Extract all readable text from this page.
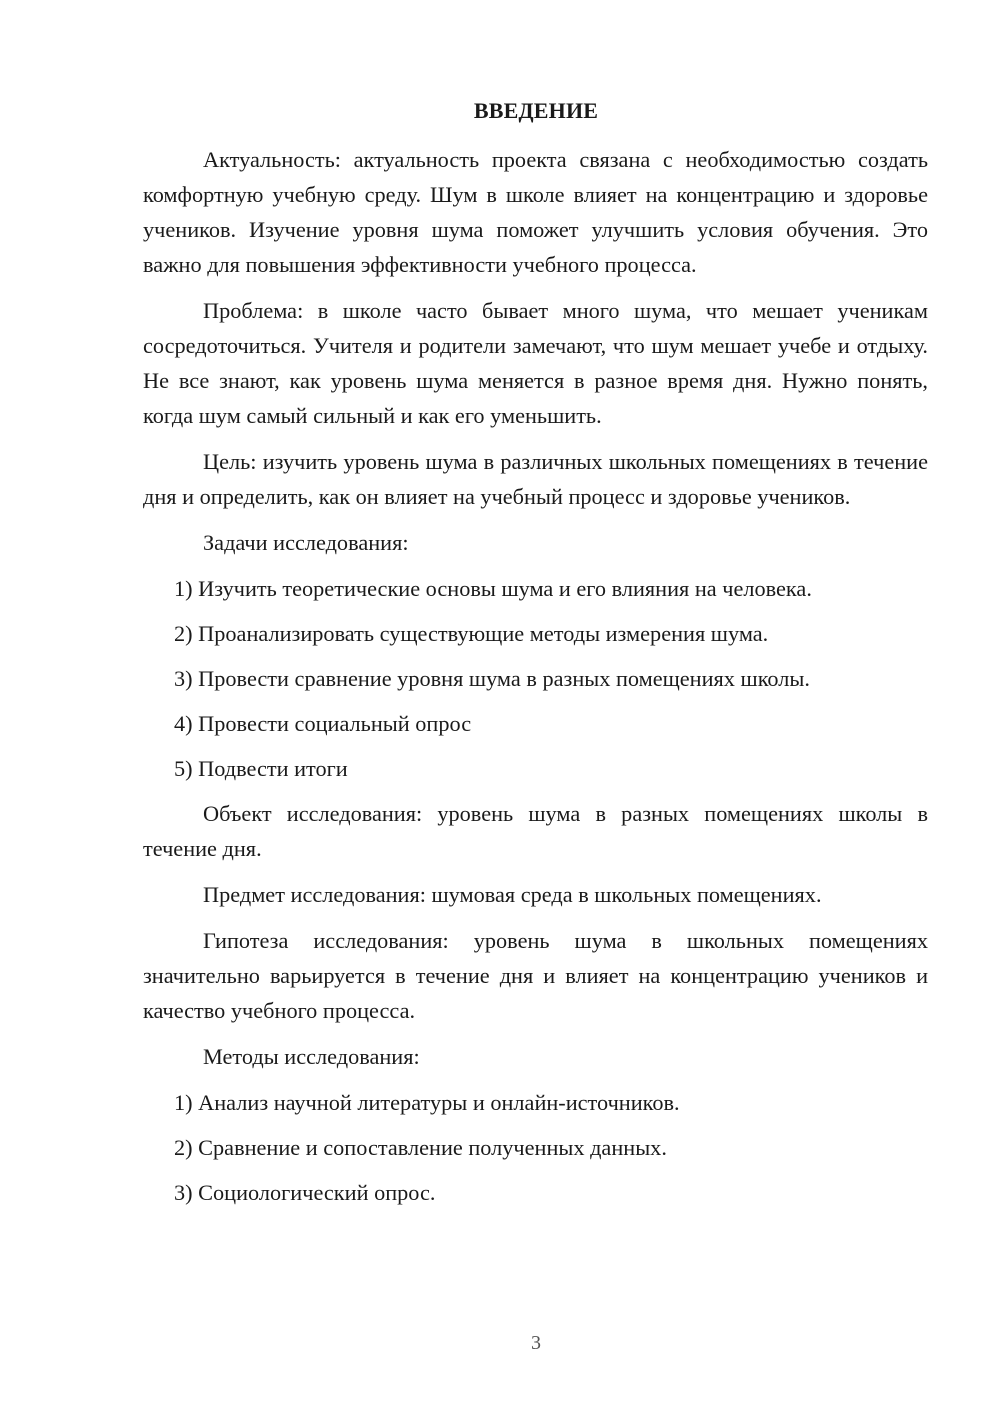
ВВЕДЕНИЕ

Актуальность: актуальность проекта связана с необходимостью создать комфортную учебную среду. Шум в школе влияет на концентрацию и здоровье учеников. Изучение уровня шума поможет улучшить условия обучения. Это важно для повышения эффективности учебного процесса.

Проблема: в школе часто бывает много шума, что мешает ученикам сосредоточиться. Учителя и родители замечают, что шум мешает учебе и отдыху. Не все знают, как уровень шума меняется в разное время дня. Нужно понять, когда шум самый сильный и как его уменьшить.

Цель: изучить уровень шума в различных школьных помещениях в течение дня и определить, как он влияет на учебный процесс и здоровье учеников.

Задачи исследования:

1) Изучить теоретические основы шума и его влияния на человека.

2) Проанализировать существующие методы измерения шума.

3) Провести сравнение уровня шума в разных помещениях школы.

4) Провести социальный опрос

5) Подвести итоги

Объект исследования: уровень шума в разных помещениях школы в течение дня.

Предмет исследования: шумовая среда в школьных помещениях.

Гипотеза исследования: уровень шума в школьных помещениях значительно варьируется в течение дня и влияет на концентрацию учеников и качество учебного процесса.

Методы исследования:

1) Анализ научной литературы и онлайн-источников.

2) Сравнение и сопоставление полученных данных.

3) Социологический опрос.

3
